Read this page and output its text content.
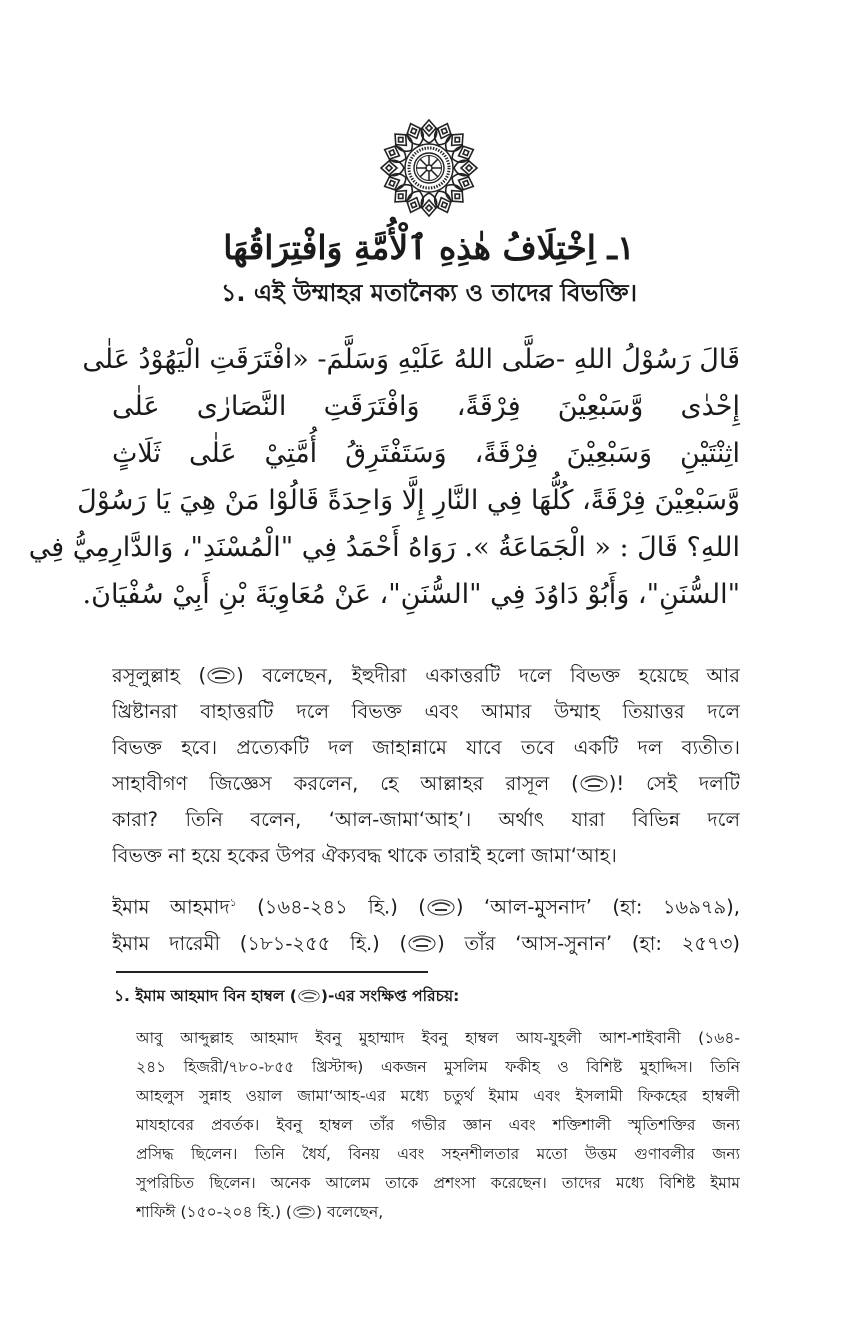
١ـ اِخْتِلَافُ هٰذِهِ ٱلْأُمَّةِ وَافْتِرَاقُهَا
১. এই উম্মাহর মতানৈক্য ও তাদের বিভক্তি।
قَالَ رَسُوْلُ اللهِ -صَلَّى اللهُ عَلَيْهِ وَسَلَّمَ- «افْتَرَقَتِ الْيَهُوْدُ عَلٰى
إِحْدٰى وَّسَبْعِيْنَ فِرْقَةً، وَافْتَرَقَتِ النَّصَارٰى عَلٰى
اثِنْتَيْنِ وَسَبْعِيْنَ فِرْقَةً، وَسَتَفْتَرِقُ أُمَّتِيْ عَلٰى ثَلَاثٍ
وَّسَبْعِيْنَ فِرْقَةً، كُلُّهَا فِي النَّارِ إِلَّا وَاحِدَةً قَالُوْا مَنْ هِيَ يَا رَسُوْلَ
اللهِ؟ قَالَ : « الْجَمَاعَةُ ». رَوَاهُ أَحْمَدُ فِي "الْمُسْنَدِ"، وَالدَّارِمِيُّ فِي
"السُّنَنِ"، وَأَبُوْ دَاوُدَ فِي "السُّنَنِ"، عَنْ مُعَاوِيَةَ بْنِ أَبِيْ سُفْيَانَ.
রসূলুল্লাহ ( ) বলেছেন, ইহুদীরা একাত্তরটি দলে বিভক্ত হয়েছে আর
খ্রিষ্টানরা বাহাত্তরটি দলে বিভক্ত এবং আমার উম্মাহ তিয়াত্তর দলে
বিভক্ত হবে। প্রত্যেকটি দল জাহান্নামে যাবে তবে একটি দল ব্যতীত।
সাহাবীগণ জিজ্ঞেস করলেন, হে আল্লাহর রাসূল ( )! সেই দলটি
কারা? তিনি বলেন, ‘আল-জামা‘আহ’। অর্থাৎ যারা বিভিন্ন দলে
বিভক্ত না হয়ে হকের উপর ঐক্যবদ্ধ থাকে তারাই হলো জামা‘আহ।
ইমাম আহমাদ$^১$ (১৬৪-২৪১ হি.) ( ) ‘আল-মুসনাদ’ (হা: ১৬৯৭৯),
ইমাম দারেমী (১৮১-২৫৫ হি.) ( ) তাঁর ‘আস-সুনান’ (হা: ২৫৭৩)
১. ইমাম আহমাদ বিন হাম্বল ( )-এর সংক্ষিপ্ত পরিচয়:
আবু আব্দুল্লাহ আহমাদ ইবনু মুহাম্মাদ ইবনু হাম্বল আয-যুহলী আশ-শাইবানী (১৬৪-
২৪১ হিজরী/৭৮০-৮৫৫ খ্রিস্টাব্দ) একজন মুসলিম ফকীহ ও বিশিষ্ট মুহাদ্দিস। তিনি
আহলুস সুন্নাহ ওয়াল জামা‘আহ-এর মধ্যে চতুর্থ ইমাম এবং ইসলামী ফিকহের হাম্বলী
মাযহাবের প্রবর্তক। ইবনু হাম্বল তাঁর গভীর জ্ঞান এবং শক্তিশালী স্মৃতিশক্তির জন্য
প্রসিদ্ধ ছিলেন। তিনি ধৈর্য, বিনয় এবং সহনশীলতার মতো উত্তম গুণাবলীর জন্য
সুপরিচিত ছিলেন। অনেক আলেম তাকে প্রশংসা করেছেন। তাদের মধ্যে বিশিষ্ট ইমাম
শাফিঈ (১৫০-২০৪ হি.) ( ) বলেছেন,
